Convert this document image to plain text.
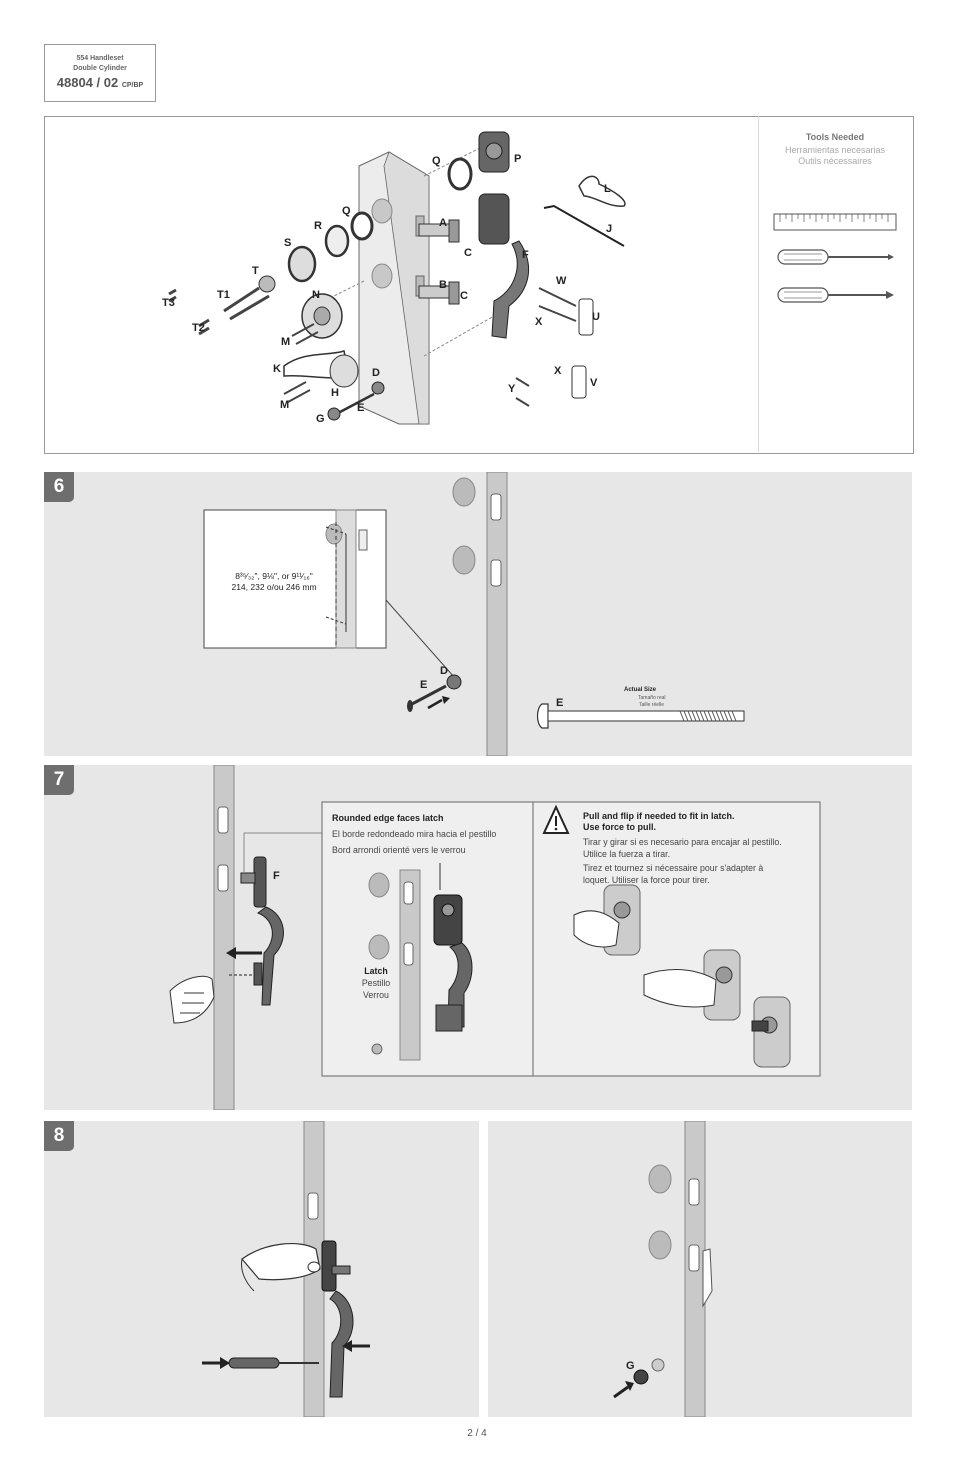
554 Handleset
Double Cylinder
48804 / 02 CP/BP
Tools Needed
Herramientas necesarias
Outils nécessaires
P
Q
Q
R
S
T
T1
T2
T3
A
C	F
L
J
B
C
N
M
K
H
M
D
E
G
W
U
X
X
V
Y
6
D
E
E
Actual Size
Tamaño real
Taille réelle
8³⁵⁄₃₂", 9⅛", or 9¹¹⁄₁₆"
214, 232 o/ou 246 mm
7
F
Rounded edge faces latch
El borde redondeado mira hacia el pestillo
Bord arrondi orienté vers le verrou
Latch
Pestillo
Verrou
Pull and flip if needed to fit in latch.
Use force to pull.
Tirar y girar si es necesario para encajar al pestillo.
Utilice la fuerza a tirar.
Tirez et tournez si nécessaire pour s'adapter à
loquet. Utiliser la force pour tirer.
8
G
2 / 4
